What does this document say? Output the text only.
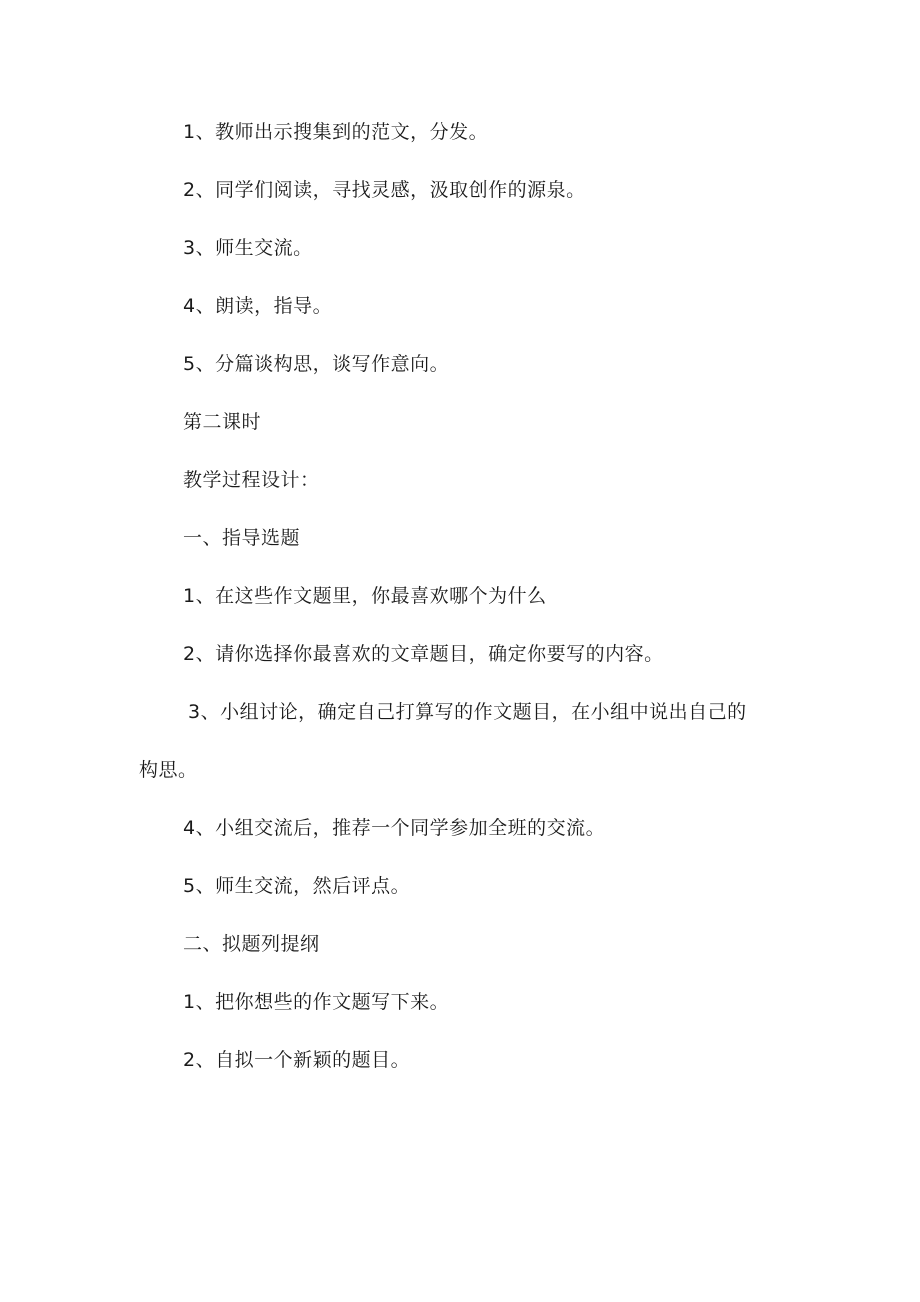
1、教师出示搜集到的范文，分发。
2、同学们阅读，寻找灵感，汲取创作的源泉。
3、师生交流。
4、朗读，指导。
5、分篇谈构思，谈写作意向。
第二课时
教学过程设计：
一、指导选题
1、在这些作文题里，你最喜欢哪个为什么
2、请你选择你最喜欢的文章题目，确定你要写的内容。
3、小组讨论，确定自己打算写的作文题目，在小组中说出自己的
构思。
4、小组交流后，推荐一个同学参加全班的交流。
5、师生交流，然后评点。
二、拟题列提纲
1、把你想些的作文题写下来。
2、自拟一个新颖的题目。
